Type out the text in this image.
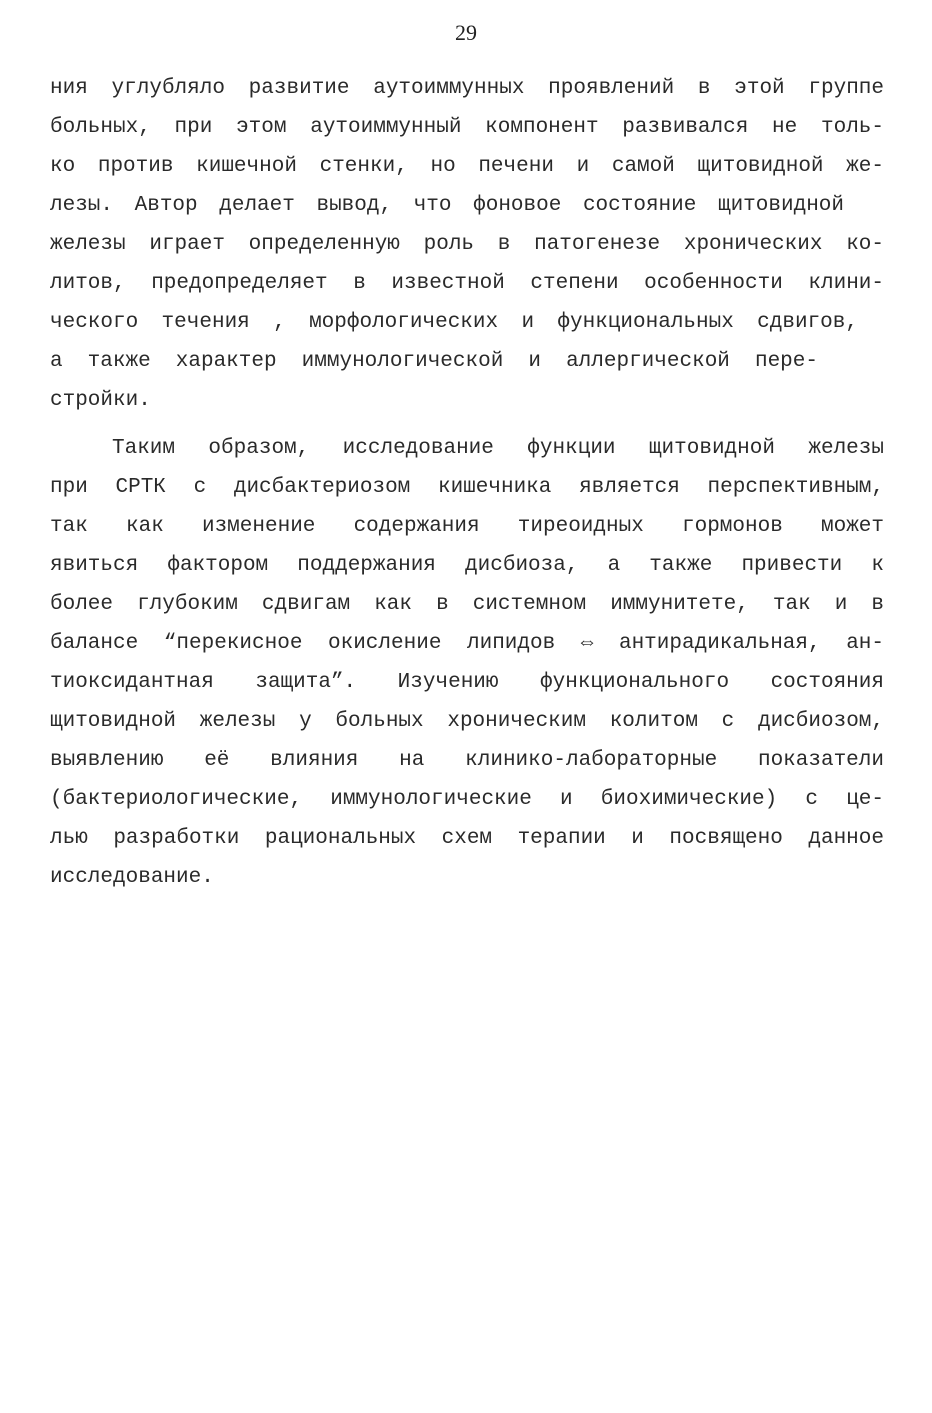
29
ния углубляло развитие аутоиммунных проявлений в этой группе
больных, при этом аутоиммунный компонент развивался не толь-
ко против кишечной стенки, но печени и самой щитовидной же-
лезы. Автор делает вывод, что фоновое состояние щитовидной
железы играет определенную роль в патогенезе хронических ко-
литов, предопределяет в известной степени особенности клини-
ческого течения , морфологических и функциональных сдвигов,
а также характер иммунологической и аллергической пере-
стройки.
Таким образом, исследование функции щитовидной железы
при СРТК с дисбактериозом кишечника является перспективным,
так как изменение содержания тиреоидных гормонов может
явиться фактором поддержания дисбиоза, а также привести к
более глубоким сдвигам как в системном иммунитете, так и в
балансе “перекисное окисление липидов ⇔ антирадикальная, ан-
тиоксидантная защита”. Изучению функционального состояния
щитовидной железы у больных хроническим колитом с дисбиозом,
выявлению её влияния на клинико-лабораторные показатели
(бактериологические, иммунологические и биохимические) с це-
лью разработки рациональных схем терапии и посвящено данное
исследование.
